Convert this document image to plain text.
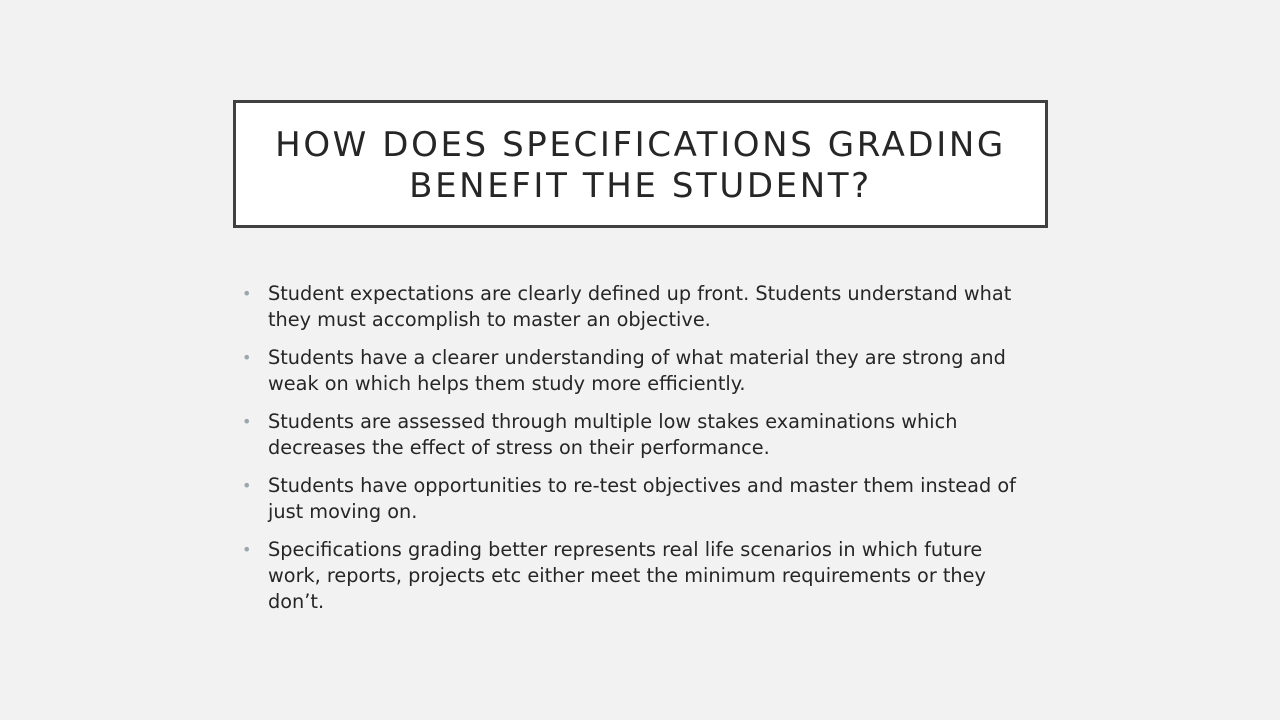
HOW DOES SPECIFICATIONS GRADING
BENEFIT THE STUDENT?
• Student expectations are clearly defined up front. Students understand what
they must accomplish to master an objective.
• Students have a clearer understanding of what material they are strong and
weak on which helps them study more efficiently.
• Students are assessed through multiple low stakes examinations which
decreases the effect of stress on their performance.
• Students have opportunities to re-test objectives and master them instead of
just moving on.
• Specifications grading better represents real life scenarios in which future
work, reports, projects etc either meet the minimum requirements or they
don’t.
